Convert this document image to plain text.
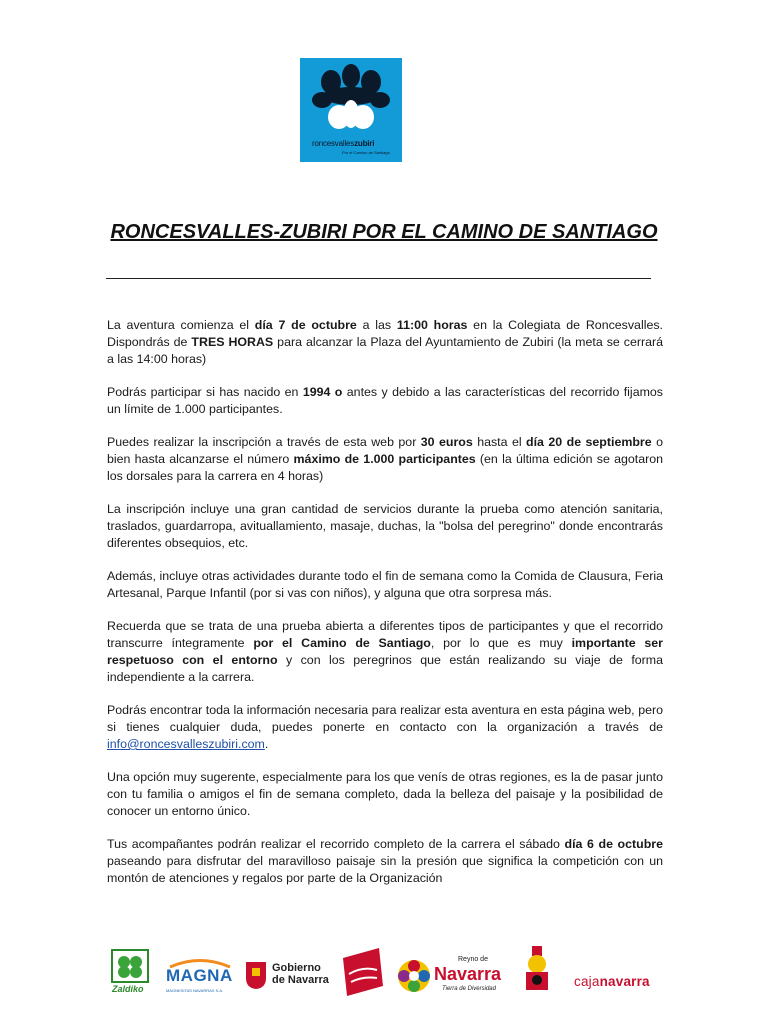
roncesvalleszubiri
Por el Camino de Santiago
RONCESVALLES-ZUBIRI POR EL CAMINO DE SANTIAGO

La aventura comienza el día 7 de octubre a las 11:00 horas en la Colegiata de Roncesvalles. Dispondrás de TRES HORAS para alcanzar la Plaza del Ayuntamiento de Zubiri (la meta se cerrará a las 14:00 horas)

Podrás participar si has nacido en 1994 o antes y debido a las características del recorrido fijamos un límite de 1.000 participantes.

Puedes realizar la inscripción a través de esta web por 30 euros hasta el día 20 de septiembre o bien hasta alcanzarse el número máximo de 1.000 participantes (en la última edición se agotaron los dorsales para la carrera en 4 horas)

La inscripción incluye una gran cantidad de servicios durante la prueba como atención sanitaria, traslados, guardarropa, avituallamiento, masaje, duchas, la "bolsa del peregrino" donde encontrarás diferentes obsequios, etc.

Además, incluye otras actividades durante todo el fin de semana como la Comida de Clausura, Feria Artesanal, Parque Infantil (por si vas con niños), y alguna que otra sorpresa más.

Recuerda que se trata de una prueba abierta a diferentes tipos de participantes y que el recorrido transcurre íntegramente por el Camino de Santiago, por lo que es muy importante ser respetuoso con el entorno y con los peregrinos que están realizando su viaje de forma independiente a la carrera.

Podrás encontrar toda la información necesaria para realizar esta aventura en esta página web, pero si tienes cualquier duda, puedes ponerte en contacto con la organización a través de info@roncesvalleszubiri.com.

Una opción muy sugerente, especialmente para los que venís de otras regiones, es la de pasar junto con tu familia o amigos el fin de semana completo, dada la belleza del paisaje y la posibilidad de conocer un entorno único.

Tus acompañantes podrán realizar el recorrido completo de la carrera el sábado día 6 de octubre paseando para disfrutar del maravilloso paisaje sin la presión que significa la competición con un montón de atenciones y regalos por parte de la Organización

Zaldiko
MAGNA
MAGNESITAS NAVARRAS S.A.
Gobierno
de Navarra
Reyno de
Navarra
Tierra de Diversidad	cajanavarra
